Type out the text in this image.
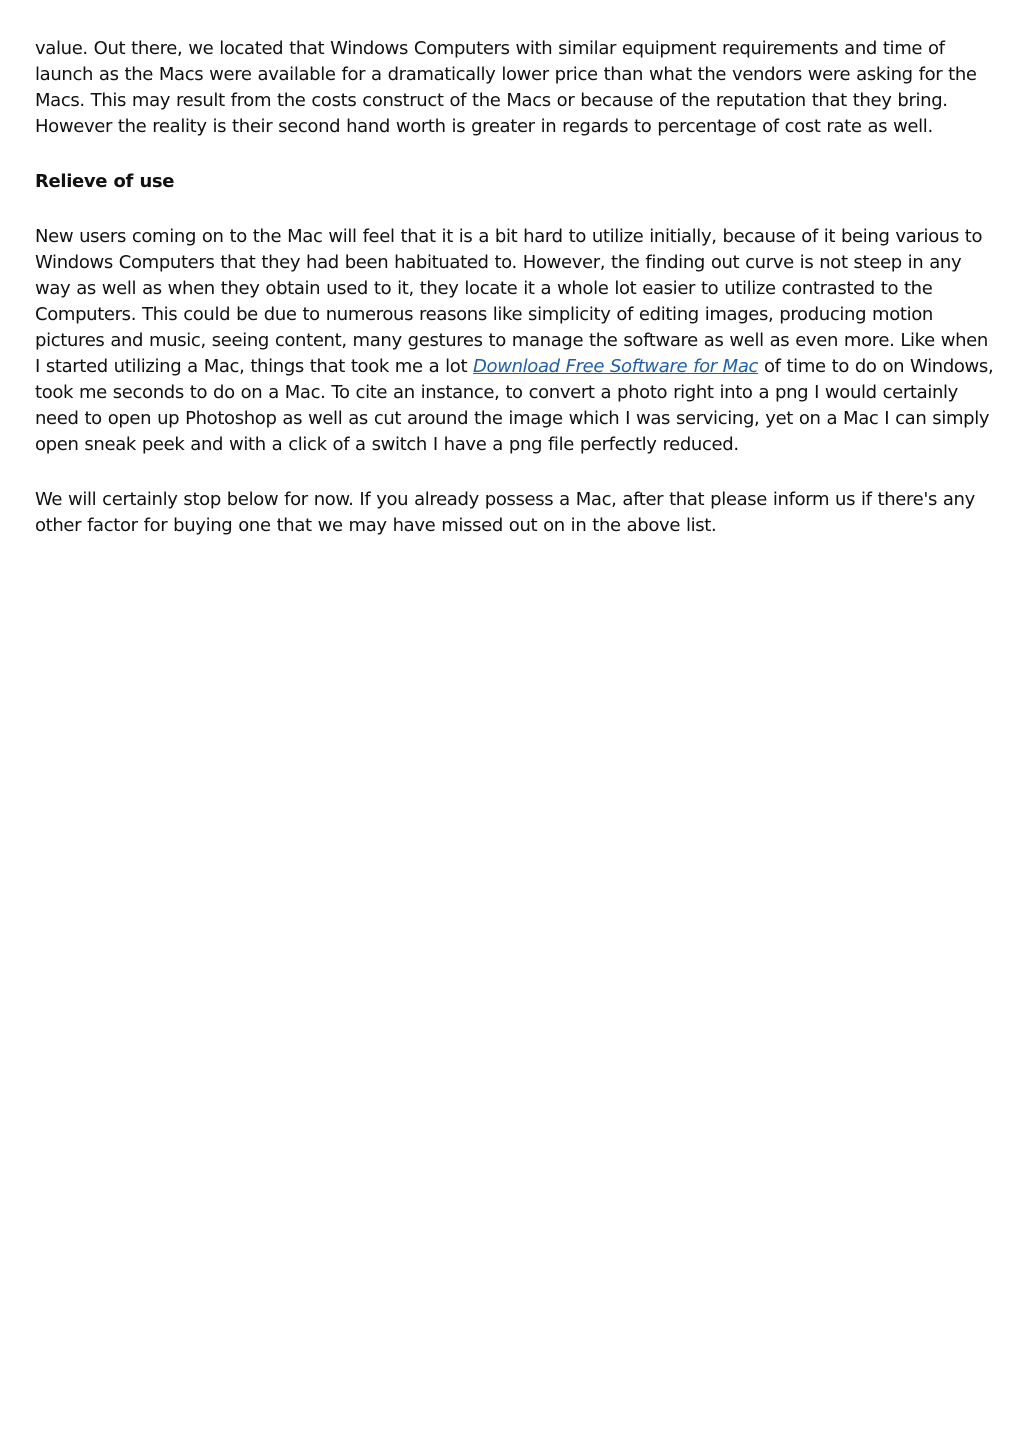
value. Out there, we located that Windows Computers with similar equipment requirements and time of launch as the Macs were available for a dramatically lower price than what the vendors were asking for the Macs. This may result from the costs construct of the Macs or because of the reputation that they bring. However the reality is their second hand worth is greater in regards to percentage of cost rate as well.

Relieve of use

New users coming on to the Mac will feel that it is a bit hard to utilize initially, because of it being various to Windows Computers that they had been habituated to. However, the finding out curve is not steep in any way as well as when they obtain used to it, they locate it a whole lot easier to utilize contrasted to the Computers. This could be due to numerous reasons like simplicity of editing images, producing motion pictures and music, seeing content, many gestures to manage the software as well as even more. Like when I started utilizing a Mac, things that took me a lot Download Free Software for Mac of time to do on Windows, took me seconds to do on a Mac. To cite an instance, to convert a photo right into a png I would certainly need to open up Photoshop as well as cut around the image which I was servicing, yet on a Mac I can simply open sneak peek and with a click of a switch I have a png file perfectly reduced.

We will certainly stop below for now. If you already possess a Mac, after that please inform us if there's any other factor for buying one that we may have missed out on in the above list.
